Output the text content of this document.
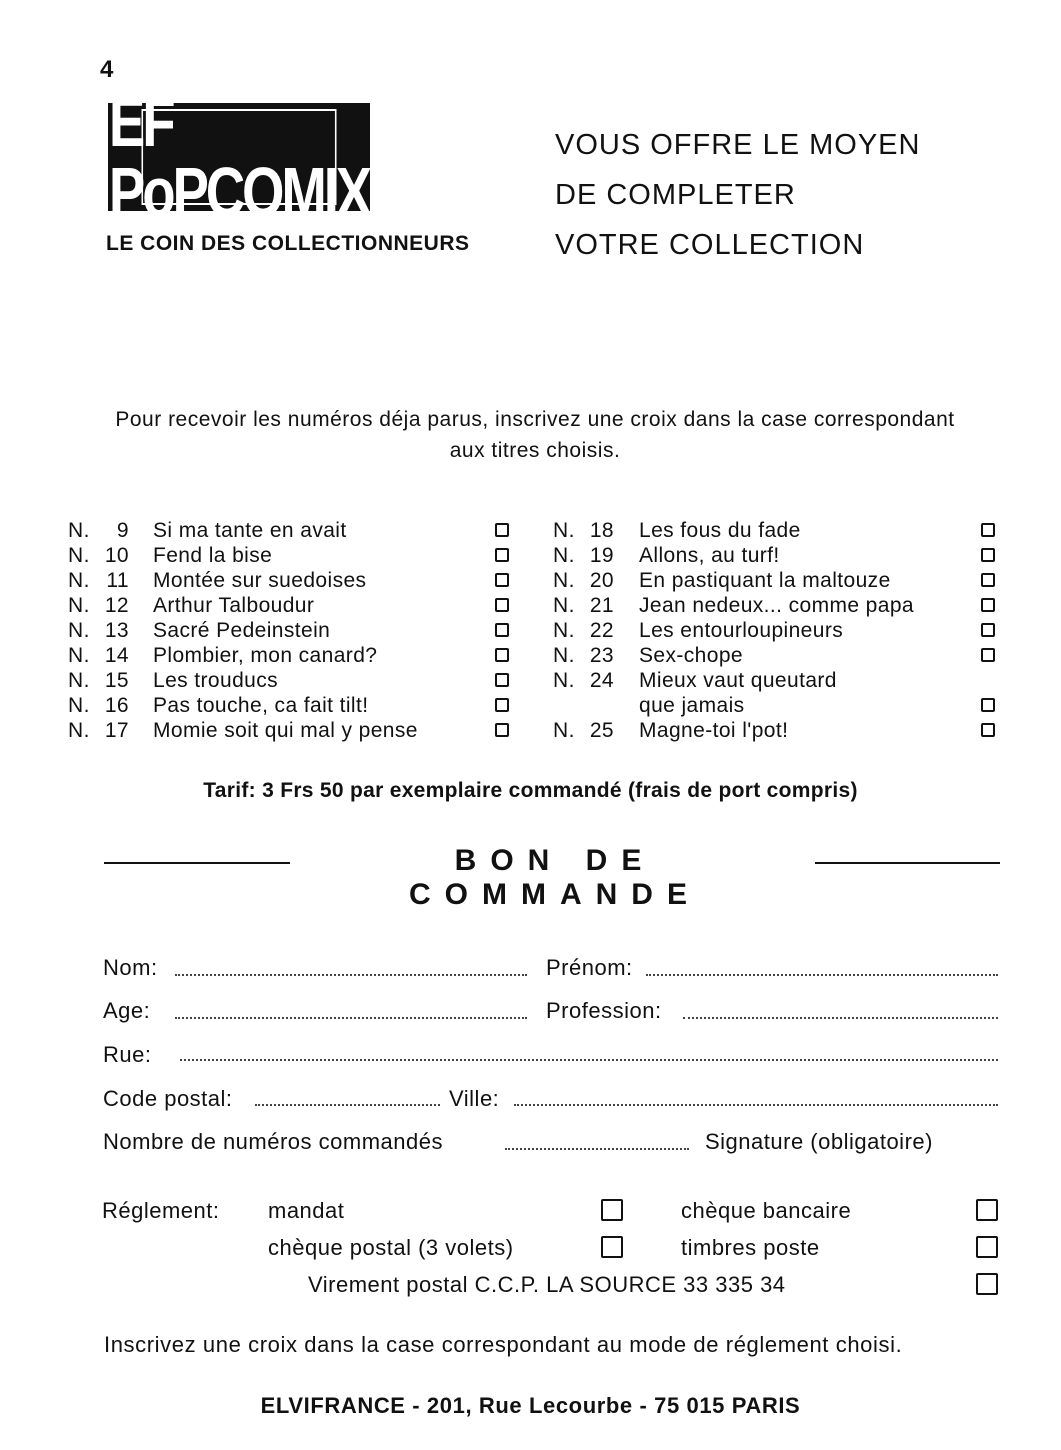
4
EF PoPCOMIX
LE COIN DES COLLECTIONNEURS
VOUS OFFRE LE MOYEN
DE COMPLETER
VOTRE COLLECTION
Pour recevoir les numéros déja parus, inscrivez une croix dans la case correspondant aux titres choisis.
N.	9 Si ma tante en avait
N. 10 Fend la bise
N. 11 Montée sur suedoises
N. 12 Arthur Talboudur
N. 13 Sacré Pedeinstein
N. 14 Plombier, mon canard?
N. 15 Les trouducs
N. 16 Pas touche, ca fait tilt!
N. 17 Momie soit qui mal y pense
N. 18 Les fous du fade
N. 19 Allons, au turf!
N. 20 En pastiquant la maltouze
N. 21 Jean nedeux... comme papa
N. 22 Les entourloupineurs
N. 23 Sex-chope
N. 24 Mieux vaut queutard
que jamais
N. 25 Magne-toi l'pot!
Tarif: 3 Frs 50 par exemplaire commandé (frais de port compris)
BON DE COMMANDE
Nom:	Prénom:
Age:	Profession:
Rue:
Code postal:	Ville:
Nombre de numéros commandés	Signature (obligatoire)
Réglement: mandat	chèque bancaire
chèque postal (3 volets)	timbres poste
Virement postal C.C.P. LA SOURCE 33 335 34
Inscrivez une croix dans la case correspondant au mode de réglement choisi.
ELVIFRANCE - 201, Rue Lecourbe - 75 015 PARIS
